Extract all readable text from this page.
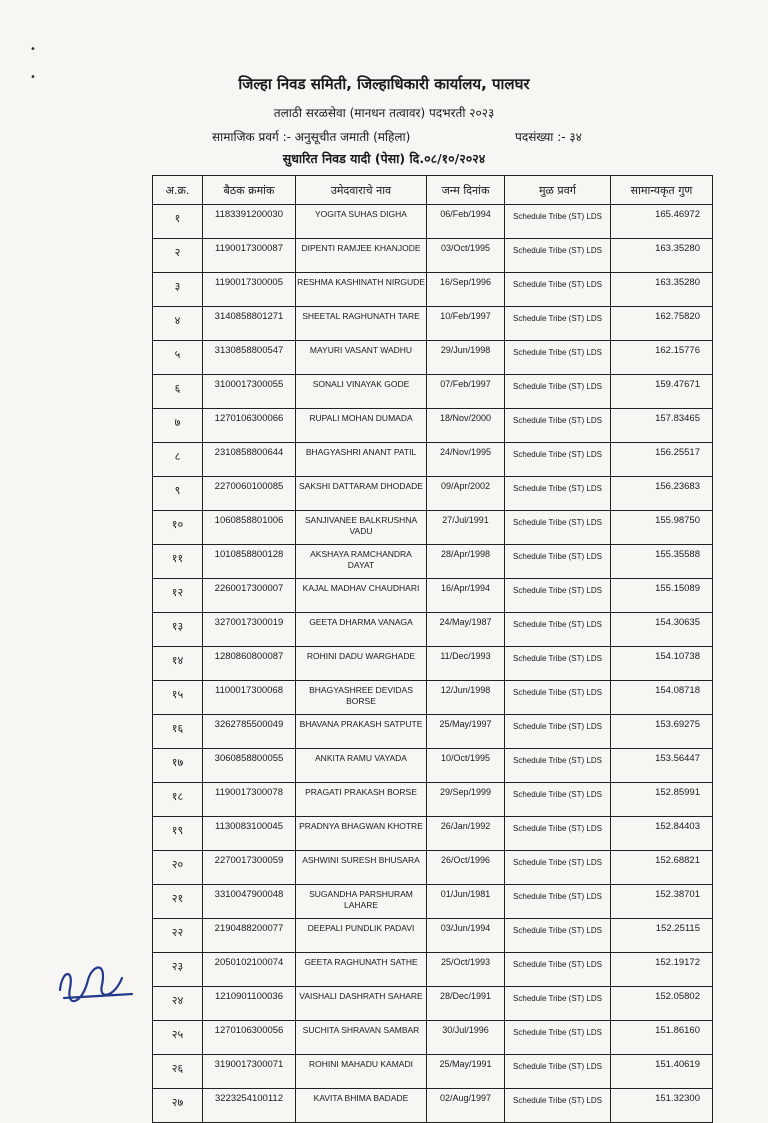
•
•	जिल्हा निवड समिती, जिल्हाधिकारी कार्यालय, पालघर
तलाठी सरळसेवा (मानधन तत्वावर) पदभरती २०२३
सामाजिक प्रवर्ग :- अनुसूचीत जमाती (महिला)	पदसंख्या :- ३४
सुधारित निवड यादी (पेसा) दि.०८/१०/२०२४
अ.क्र.	बैठक क्रमांक	उमेदवाराचे नाव	जन्म दिनांक	मुळ प्रवर्ग	सामान्यकृत गुण
१	1183391200030	YOGITA SUHAS DIGHA	06/Feb/1994	Schedule Tribe (ST) LDS	165.46972
२	1190017300087	DIPENTI RAMJEE KHANJODE	03/Oct/1995	Schedule Tribe (ST) LDS	163.35280
३	1190017300005	RESHMA KASHINATH NIRGUDE	16/Sep/1996	Schedule Tribe (ST) LDS	163.35280
४	3140858801271	SHEETAL RAGHUNATH TARE	10/Feb/1997	Schedule Tribe (ST) LDS	162.75820
५	3130858800547	MAYURI VASANT WADHU	29/Jun/1998	Schedule Tribe (ST) LDS	162.15776
६	3100017300055	SONALI VINAYAK GODE	07/Feb/1997	Schedule Tribe (ST) LDS	159.47671
७	1270106300066	RUPALI MOHAN DUMADA	18/Nov/2000	Schedule Tribe (ST) LDS	157.83465
८	2310858800644	BHAGYASHRI ANANT PATIL	24/Nov/1995	Schedule Tribe (ST) LDS	156.25517
९	2270060100085	SAKSHI DATTARAM DHODADE	09/Apr/2002	Schedule Tribe (ST) LDS	156.23683
१०	1060858801006	SANJIVANEE BALKRUSHNA VADU	27/Jul/1991	Schedule Tribe (ST) LDS	155.98750
११	1010858800128	AKSHAYA RAMCHANDRA DAYAT	28/Apr/1998	Schedule Tribe (ST) LDS	155.35588
१२	2260017300007	KAJAL MADHAV CHAUDHARI	16/Apr/1994	Schedule Tribe (ST) LDS	155.15089
१३	3270017300019	GEETA DHARMA VANAGA	24/May/1987	Schedule Tribe (ST) LDS	154.30635
१४	1280860800087	ROHINI DADU WARGHADE	11/Dec/1993	Schedule Tribe (ST) LDS	154.10738
१५	1100017300068	BHAGYASHREE DEVIDAS BORSE	12/Jun/1998	Schedule Tribe (ST) LDS	154.08718
१६	3262785500049	BHAVANA PRAKASH SATPUTE	25/May/1997	Schedule Tribe (ST) LDS	153.69275
१७	3060858800055	ANKITA RAMU VAYADA	10/Oct/1995	Schedule Tribe (ST) LDS	153.56447
१८	1190017300078	PRAGATI PRAKASH BORSE	29/Sep/1999	Schedule Tribe (ST) LDS	152.85991
१९	1130083100045	PRADNYA BHAGWAN KHOTRE	26/Jan/1992	Schedule Tribe (ST) LDS	152.84403
२०	2270017300059	ASHWINI SURESH BHUSARA	26/Oct/1996	Schedule Tribe (ST) LDS	152.68821
२१	3310047900048	SUGANDHA PARSHURAM LAHARE	01/Jun/1981	Schedule Tribe (ST) LDS	152.38701
२२	2190488200077	DEEPALI PUNDLIK PADAVI	03/Jun/1994	Schedule Tribe (ST) LDS	152.25115
२३	2050102100074	GEETA RAGHUNATH SATHE	25/Oct/1993	Schedule Tribe (ST) LDS	152.19172
२४	1210901100036	VAISHALI DASHRATH SAHARE	28/Dec/1991	Schedule Tribe (ST) LDS	152.05802
२५	1270106300056	SUCHITA SHRAVAN SAMBAR	30/Jul/1996	Schedule Tribe (ST) LDS	151.86160
२६	3190017300071	ROHINI MAHADU KAMADI	25/May/1991	Schedule Tribe (ST) LDS	151.40619
२७	3223254100112	KAVITA BHIMA BADADE	02/Aug/1997	Schedule Tribe (ST) LDS	151.32300
